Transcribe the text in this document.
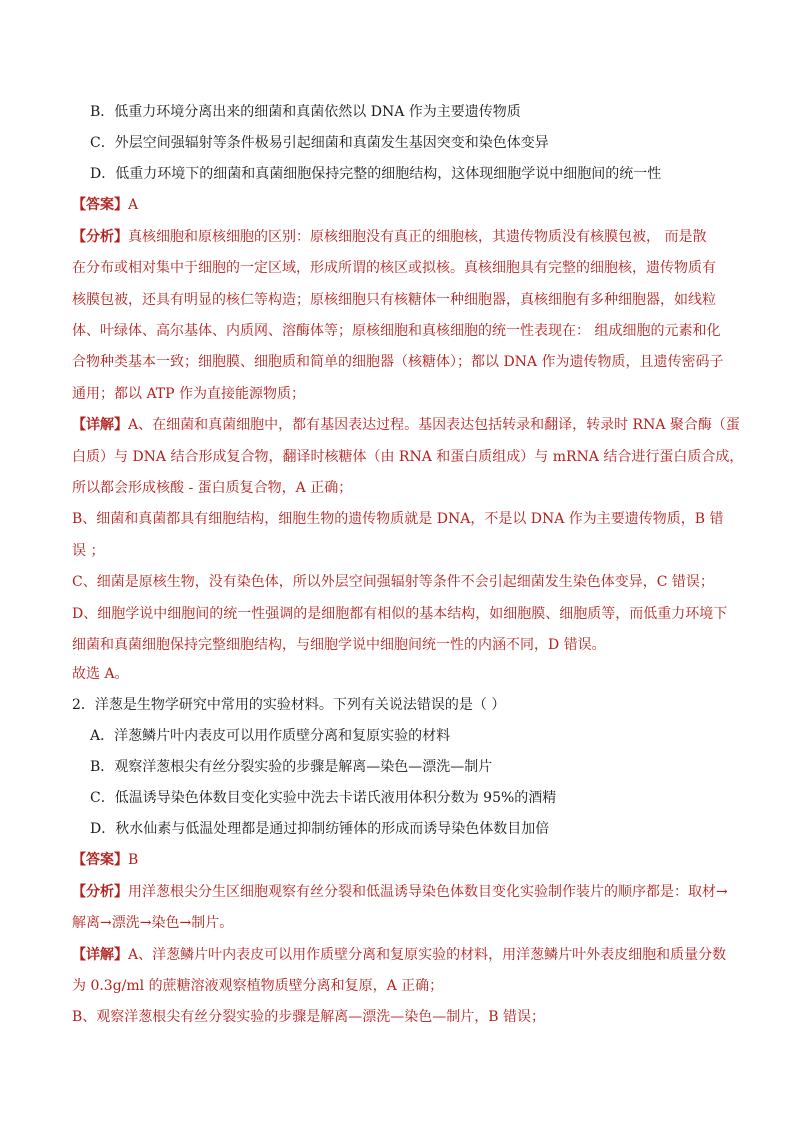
B．低重力环境分离出来的细菌和真菌依然以 DNA 作为主要遗传物质
C．外层空间强辐射等条件极易引起细菌和真菌发生基因突变和染色体变异
D．低重力环境下的细菌和真菌细胞保持完整的细胞结构，这体现细胞学说中细胞间的统一性
【答案】A
【分析】真核细胞和原核细胞的区别：原核细胞没有真正的细胞核，其遗传物质没有核膜包被， 而是散
在分布或相对集中于细胞的一定区域，形成所谓的核区或拟核。真核细胞具有完整的细胞核，遗传物质有
核膜包被，还具有明显的核仁等构造；原核细胞只有核糖体一种细胞器，真核细胞有多种细胞器，如线粒
体、叶绿体、高尔基体、内质网、溶酶体等；原核细胞和真核细胞的统一性表现在： 组成细胞的元素和化
合物种类基本一致；细胞膜、细胞质和简单的细胞器（核糖体）；都以 DNA 作为遗传物质，且遗传密码子
通用；都以 ATP 作为直接能源物质；
【详解】A、在细菌和真菌细胞中，都有基因表达过程。基因表达包括转录和翻译，转录时 RNA 聚合酶（蛋
白质）与 DNA 结合形成复合物，翻译时核糖体（由 RNA 和蛋白质组成）与 mRNA 结合进行蛋白质合成，
所以都会形成核酸 - 蛋白质复合物，A 正确；
B、细菌和真菌都具有细胞结构，细胞生物的遗传物质就是 DNA，不是以 DNA 作为主要遗传物质，B 错
误 ；
C、细菌是原核生物，没有染色体，所以外层空间强辐射等条件不会引起细菌发生染色体变异，C 错误；
D、细胞学说中细胞间的统一性强调的是细胞都有相似的基本结构，如细胞膜、细胞质等，而低重力环境下
细菌和真菌细胞保持完整细胞结构，与细胞学说中细胞间统一性的内涵不同，D 错误。
故选 A。
2．洋葱是生物学研究中常用的实验材料。下列有关说法错误的是（ ）
A．洋葱鳞片叶内表皮可以用作质壁分离和复原实验的材料
B．观察洋葱根尖有丝分裂实验的步骤是解离—染色—漂洗—制片
C．低温诱导染色体数目变化实验中洗去卡诺氏液用体积分数为 95%的酒精
D．秋水仙素与低温处理都是通过抑制纺锤体的形成而诱导染色体数目加倍
【答案】B
【分析】用洋葱根尖分生区细胞观察有丝分裂和低温诱导染色体数目变化实验制作装片的顺序都是：取材→
解离→漂洗→染色→制片。
【详解】A、洋葱鳞片叶内表皮可以用作质壁分离和复原实验的材料，用洋葱鳞片叶外表皮细胞和质量分数
为 0.3g/ml 的蔗糖溶液观察植物质壁分离和复原，A 正确；
B、观察洋葱根尖有丝分裂实验的步骤是解离—漂洗—染色—制片，B 错误；
